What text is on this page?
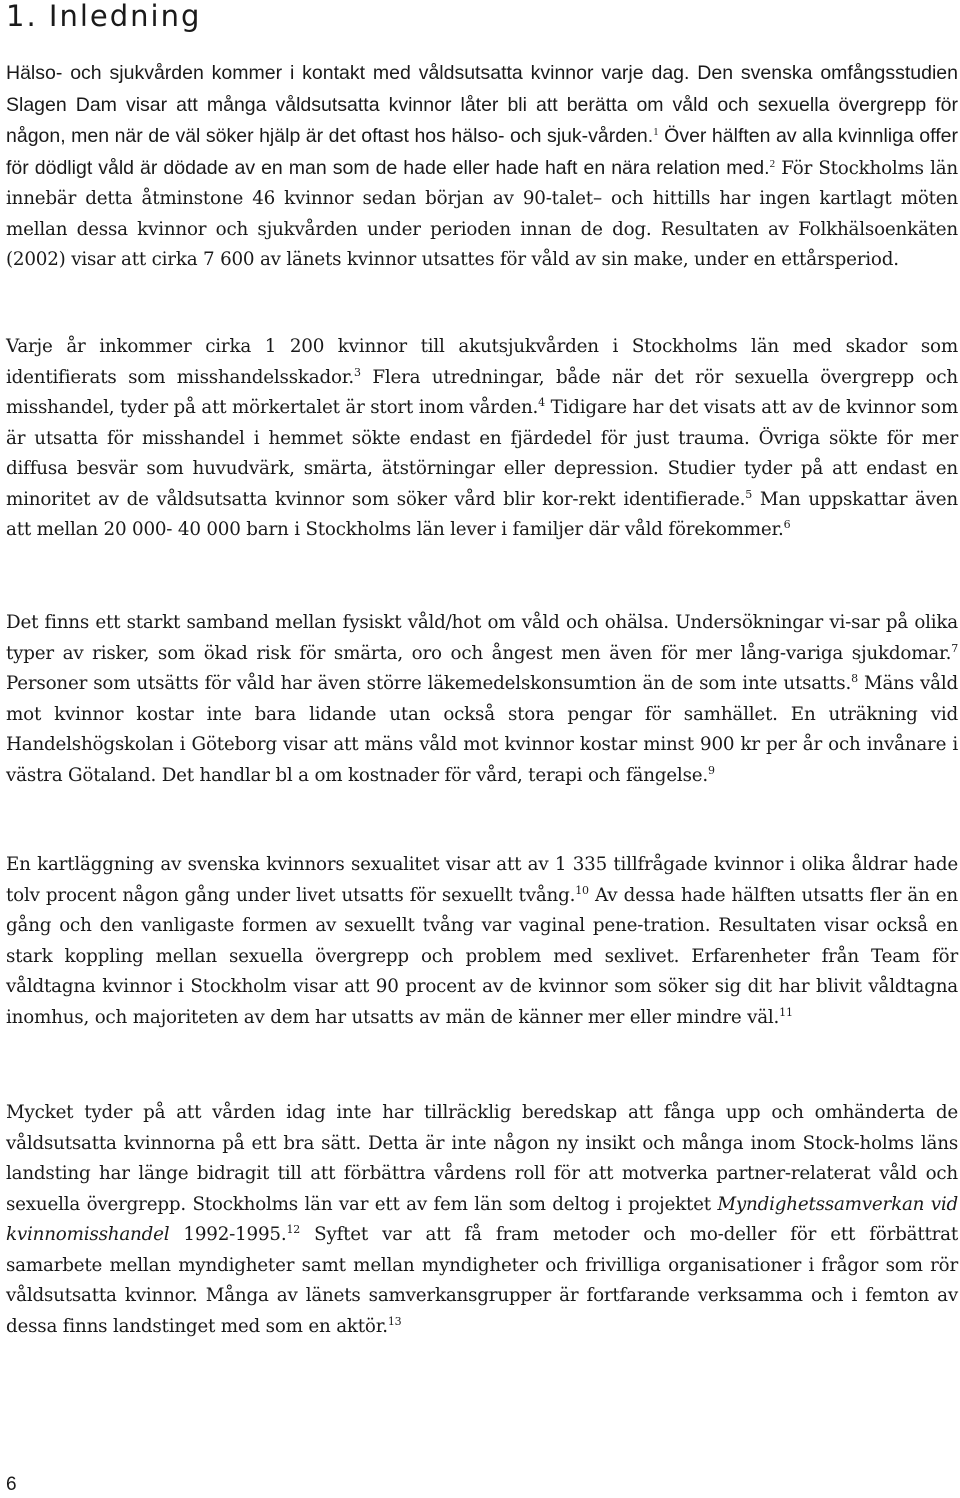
1. Inledning

Hälso- och sjukvården kommer i kontakt med våldsutsatta kvinnor varje dag. Den svenska omfångsstudien Slagen Dam visar att många våldsutsatta kvinnor låter bli att berätta om våld och sexuella övergrepp för någon, men när de väl söker hjälp är det oftast hos hälso- och sjuk-vården.$^1$ Över hälften av alla kvinnliga offer för dödligt våld är dödade av en man som de hade eller hade haft en nära relation med.$^2$ För Stockholms län innebär detta åtminstone 46 kvinnor sedan början av 90-talet– och hittills har ingen kartlagt möten mellan dessa kvinnor och sjukvården under perioden innan de dog. Resultaten av Folkhälsoenkäten (2002) visar att cirka 7 600 av länets kvinnor utsattes för våld av sin make, under en ettårsperiod.

Varje år inkommer cirka 1 200 kvinnor till akutsjukvården i Stockholms län med skador som identifierats som misshandelsskador.$^3$ Flera utredningar, både när det rör sexuella övergrepp och misshandel, tyder på att mörkertalet är stort inom vården.$^4$ Tidigare har det visats att av de kvinnor som är utsatta för misshandel i hemmet sökte endast en fjärdedel för just trauma. Övriga sökte för mer diffusa besvär som huvudvärk, smärta, ätstörningar eller depression. Studier tyder på att endast en minoritet av de våldsutsatta kvinnor som söker vård blir kor-rekt identifierade.$^5$ Man uppskattar även att mellan 20 000- 40 000 barn i Stockholms län lever i familjer där våld förekommer.$^6$

Det finns ett starkt samband mellan fysiskt våld/hot om våld och ohälsa. Undersökningar vi-sar på olika typer av risker, som ökad risk för smärta, oro och ångest men även för mer lång-variga sjukdomar.$^7$ Personer som utsätts för våld har även större läkemedelskonsumtion än de som inte utsatts.$^8$ Mäns våld mot kvinnor kostar inte bara lidande utan också stora pengar för samhället. En uträkning vid Handelshögskolan i Göteborg visar att mäns våld mot kvinnor kostar minst 900 kr per år och invånare i västra Götaland. Det handlar bl a om kostnader för vård, terapi och fängelse.$^9$

En kartläggning av svenska kvinnors sexualitet visar att av 1 335 tillfrågade kvinnor i olika åldrar hade tolv procent någon gång under livet utsatts för sexuellt tvång.$^{10}$ Av dessa hade hälften utsatts fler än en gång och den vanligaste formen av sexuellt tvång var vaginal pene-tration. Resultaten visar också en stark koppling mellan sexuella övergrepp och problem med sexlivet. Erfarenheter från Team för våldtagna kvinnor i Stockholm visar att 90 procent av de kvinnor som söker sig dit har blivit våldtagna inomhus, och majoriteten av dem har utsatts av män de känner mer eller mindre väl.$^{11}$

Mycket tyder på att vården idag inte har tillräcklig beredskap att fånga upp och omhänderta de våldsutsatta kvinnorna på ett bra sätt. Detta är inte någon ny insikt och många inom Stock-holms läns landsting har länge bidragit till att förbättra vårdens roll för att motverka partner-relaterat våld och sexuella övergrepp. Stockholms län var ett av fem län som deltog i projektet Myndighetssamverkan vid kvinnomisshandel 1992-1995.12 Syftet var att få fram metoder och mo-deller för ett förbättrat samarbete mellan myndigheter samt mellan myndigheter och frivilliga organisationer i frågor som rör våldsutsatta kvinnor. Många av länets samverkansgrupper är fortfarande verksamma och i femton av dessa finns landstinget med som en aktör.$^{13}$

6
